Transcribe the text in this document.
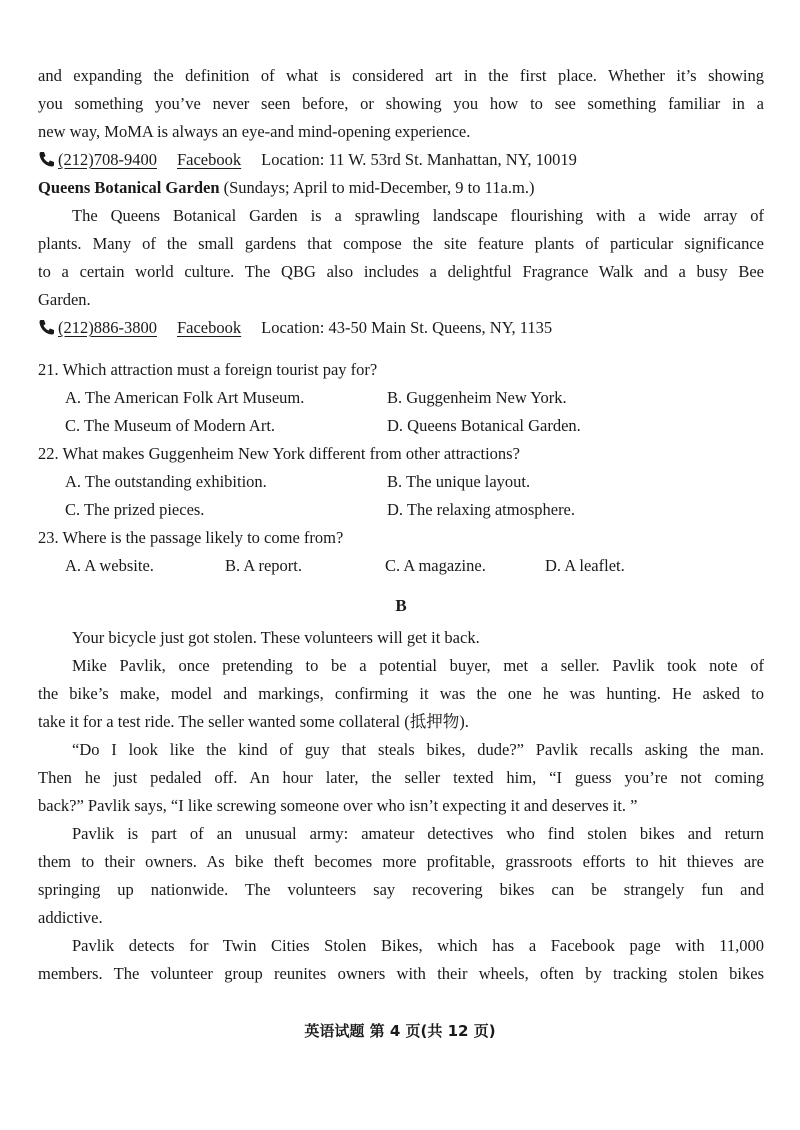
and expanding the definition of what is considered art in the first place. Whether it’s showing

you something you’ve never seen before, or showing you how to see something familiar in a

new way, MoMA is always an eye-and mind-opening experience.

(212)708-9400 Facebook Location: 11 W. 53rd St. Manhattan, NY, 10019

Queens Botanical Garden (Sundays; April to mid-December, 9 to 11a.m.)

The Queens Botanical Garden is a sprawling landscape flourishing with a wide array of

plants. Many of the small gardens that compose the site feature plants of particular significance

to a certain world culture. The QBG also includes a delightful Fragrance Walk and a busy Bee

Garden.

(212)886-3800 Facebook Location: 43-50 Main St. Queens, NY, 1135

21. Which attraction must a foreign tourist pay for?

A. The American Folk Art Museum.	B. Guggenheim New York.
C. The Museum of Modern Art.	D. Queens Botanical Garden.

22. What makes Guggenheim New York different from other attractions?

A. The outstanding exhibition.	B. The unique layout.
C. The prized pieces.	D. The relaxing atmosphere.

23. Where is the passage likely to come from?

A. A website.	B. A report.	C. A magazine.	D. A leaflet.
B

Your bicycle just got stolen. These volunteers will get it back.

Mike Pavlik, once pretending to be a potential buyer, met a seller. Pavlik took note of

the bike’s make, model and markings, confirming it was the one he was hunting. He asked to

take it for a test ride. The seller wanted some collateral (抵押物).

“Do I look like the kind of guy that steals bikes, dude?” Pavlik recalls asking the man.

Then he just pedaled off. An hour later, the seller texted him, “I guess you’re not coming

back?” Pavlik says, “I like screwing someone over who isn’t expecting it and deserves it. ”

Pavlik is part of an unusual army: amateur detectives who find stolen bikes and return

them to their owners. As bike theft becomes more profitable, grassroots efforts to hit thieves are

springing up nationwide. The volunteers say recovering bikes can be strangely fun and

addictive.

Pavlik detects for Twin Cities Stolen Bikes, which has a Facebook page with 11,000

members. The volunteer group reunites owners with their wheels, often by tracking stolen bikes

英语试题 第 4 页(共 12 页)
